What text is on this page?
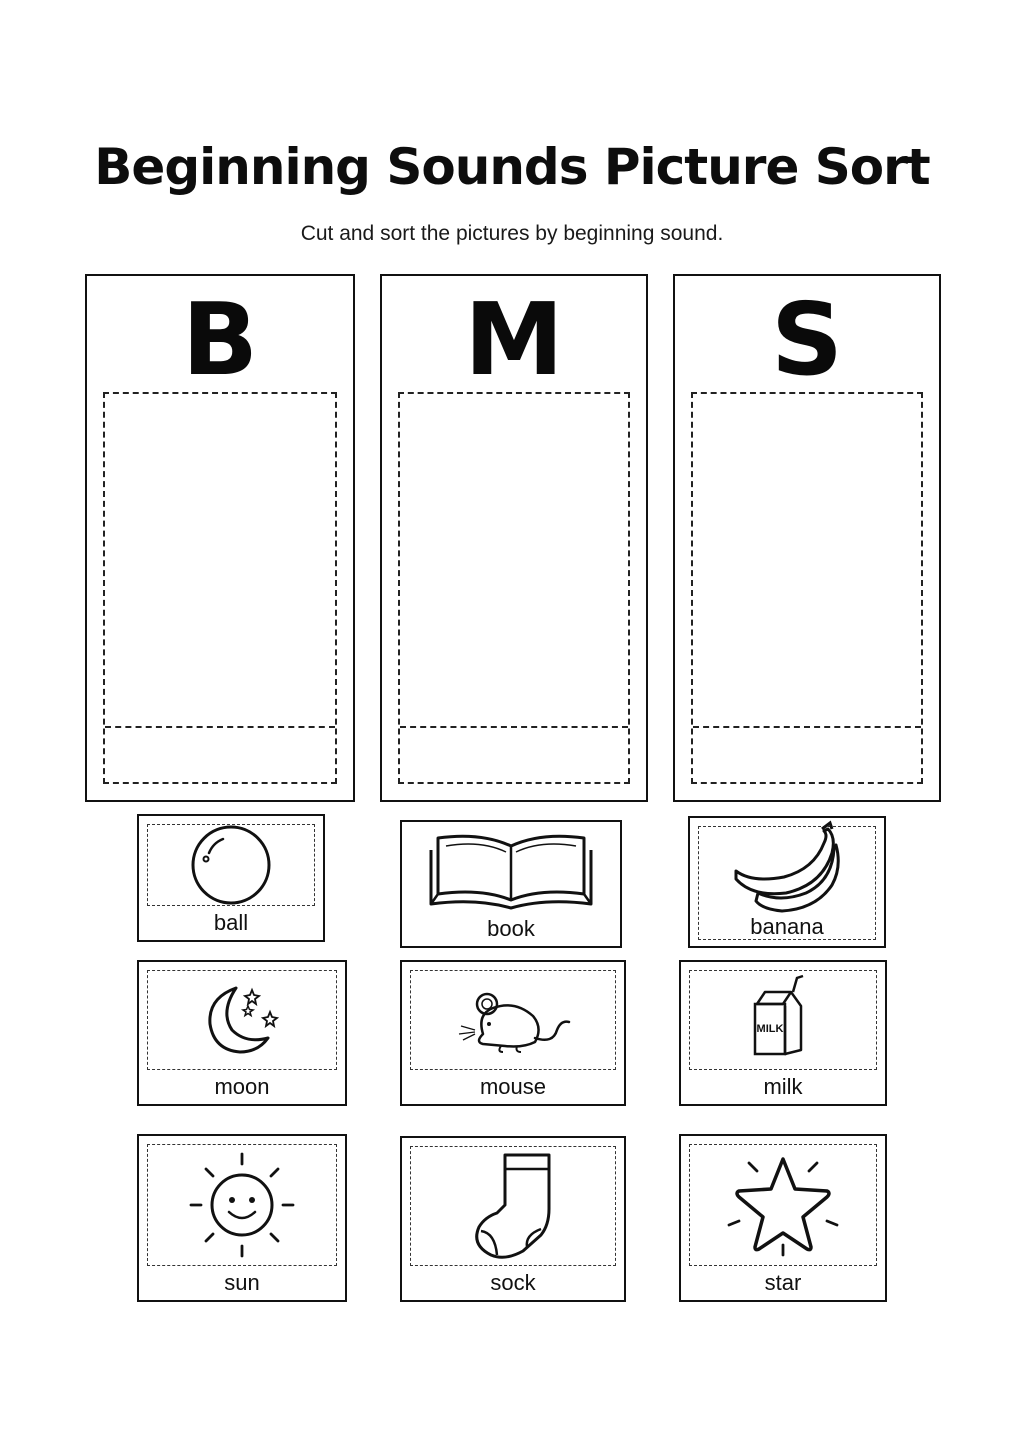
Beginning Sounds Picture Sort
Cut and sort the pictures by beginning sound.
B	M	S
ball	book	banana
moon	mouse
MILK
milk
sun	sock	star
